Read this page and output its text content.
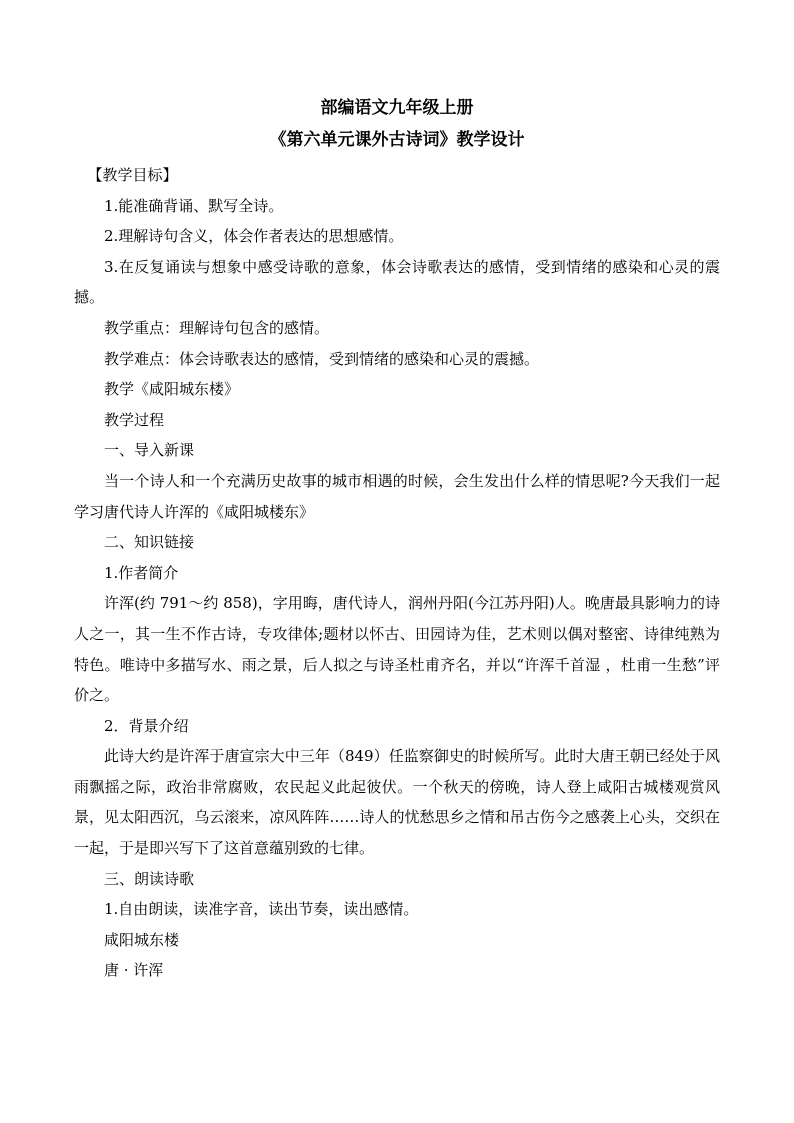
部编语文九年级上册

《第六单元课外古诗词》教学设计

【教学目标】

1.能准确背诵、默写全诗。

2.理解诗句含义，体会作者表达的思想感情。

3.在反复诵读与想象中感受诗歌的意象，体会诗歌表达的感情，受到情绪的感染和心灵的震撼。

教学重点：理解诗句包含的感情。

教学难点：体会诗歌表达的感情，受到情绪的感染和心灵的震撼。

教学《咸阳城东楼》

教学过程

一、导入新课

当一个诗人和一个充满历史故事的城市相遇的时候，会生发出什么样的情思呢?今天我们一起学习唐代诗人许浑的《咸阳城楼东》

二、知识链接

1.作者简介

许浑(约 791～约 858)，字用晦，唐代诗人，润州丹阳(今江苏丹阳)人。晚唐最具影响力的诗人之一，其一生不作古诗，专攻律体;题材以怀古、田园诗为佳，艺术则以偶对整密、诗律纯熟为特色。唯诗中多描写水、雨之景，后人拟之与诗圣杜甫齐名，并以“许浑千首湿 ，杜甫一生愁”评价之。

2．背景介绍

此诗大约是许浑于唐宣宗大中三年（849）任监察御史的时候所写。此时大唐王朝已经处于风雨飘摇之际，政治非常腐败，农民起义此起彼伏。一个秋天的傍晚，诗人登上咸阳古城楼观赏风景，见太阳西沉，乌云滚来，凉风阵阵……诗人的忧愁思乡之情和吊古伤今之感袭上心头，交织在一起，于是即兴写下了这首意蕴别致的七律。

三、朗读诗歌

1.自由朗读，读准字音，读出节奏，读出感情。

咸阳城东楼

唐 · 许浑
